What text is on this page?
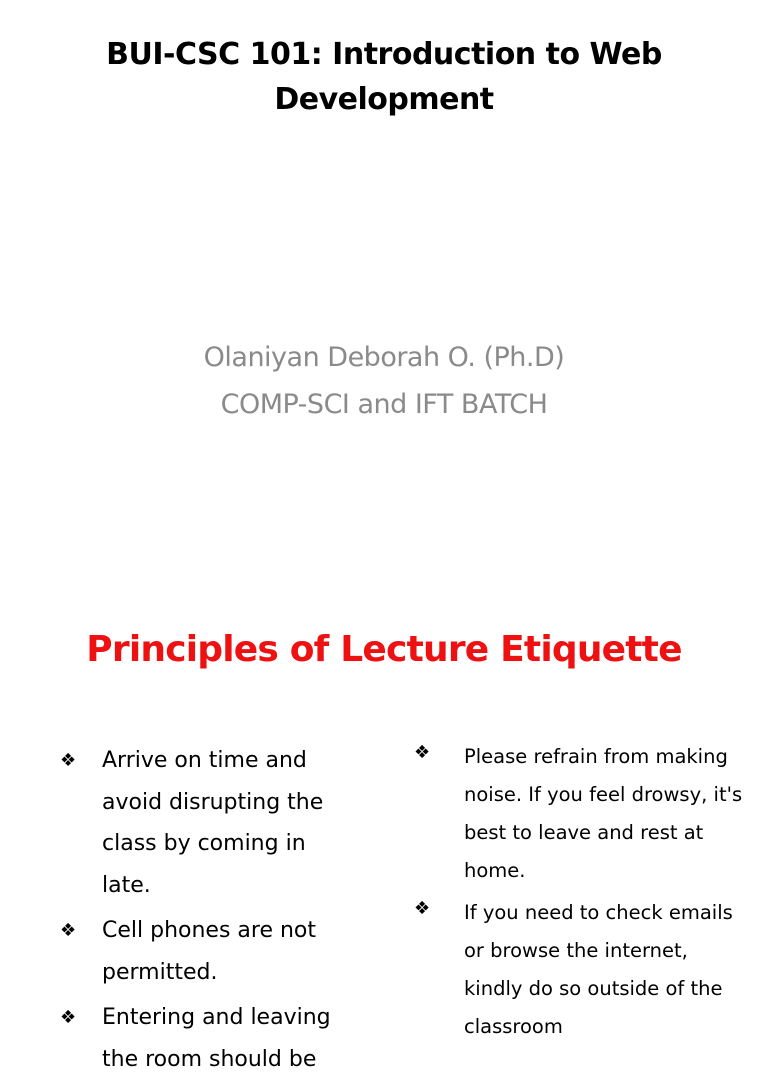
BUI-CSC 101: Introduction to Web Development
Olaniyan Deborah O. (Ph.D)
COMP-SCI and IFT BATCH
Principles of Lecture Etiquette
❖ Arrive on time and avoid disrupting the class by coming in late.
❖ Cell phones are not permitted.
❖ Entering and leaving the room should be
❖ Please refrain from making noise. If you feel drowsy, it's best to leave and rest at home.
❖ If you need to check emails or browse the internet, kindly do so outside of the classroom
